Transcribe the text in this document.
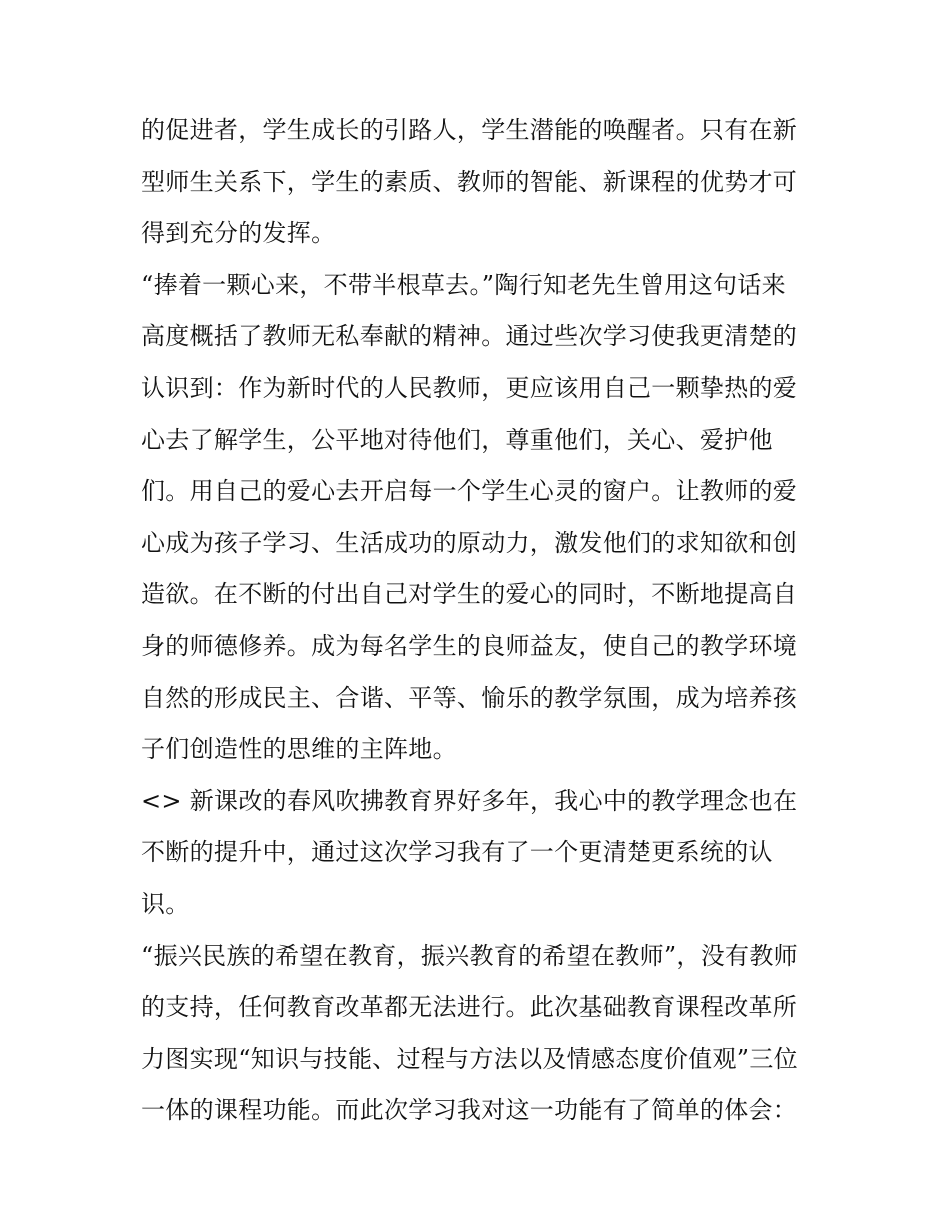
的促进者，学生成长的引路人，学生潜能的唤醒者。只有在新
型师生关系下，学生的素质、教师的智能、新课程的优势才可
得到充分的发挥。
“捧着一颗心来，不带半根草去。”陶行知老先生曾用这句话来
高度概括了教师无私奉献的精神。通过些次学习使我更清楚的
认识到：作为新时代的人民教师，更应该用自己一颗挚热的爱
心去了解学生，公平地对待他们，尊重他们，关心、爱护他
们。用自己的爱心去开启每一个学生心灵的窗户。让教师的爱
心成为孩子学习、生活成功的原动力，激发他们的求知欲和创
造欲。在不断的付出自己对学生的爱心的同时，不断地提高自
身的师德修养。成为每名学生的良师益友，使自己的教学环境
自然的形成民主、合谐、平等、愉乐的教学氛围，成为培养孩
子们创造性的思维的主阵地。
<> 新课改的春风吹拂教育界好多年，我心中的教学理念也在
不断的提升中，通过这次学习我有了一个更清楚更系统的认
识。
“振兴民族的希望在教育，振兴教育的希望在教师”，没有教师
的支持，任何教育改革都无法进行。此次基础教育课程改革所
力图实现“知识与技能、过程与方法以及情感态度价值观”三位
一体的课程功能。而此次学习我对这一功能有了简单的体会：
